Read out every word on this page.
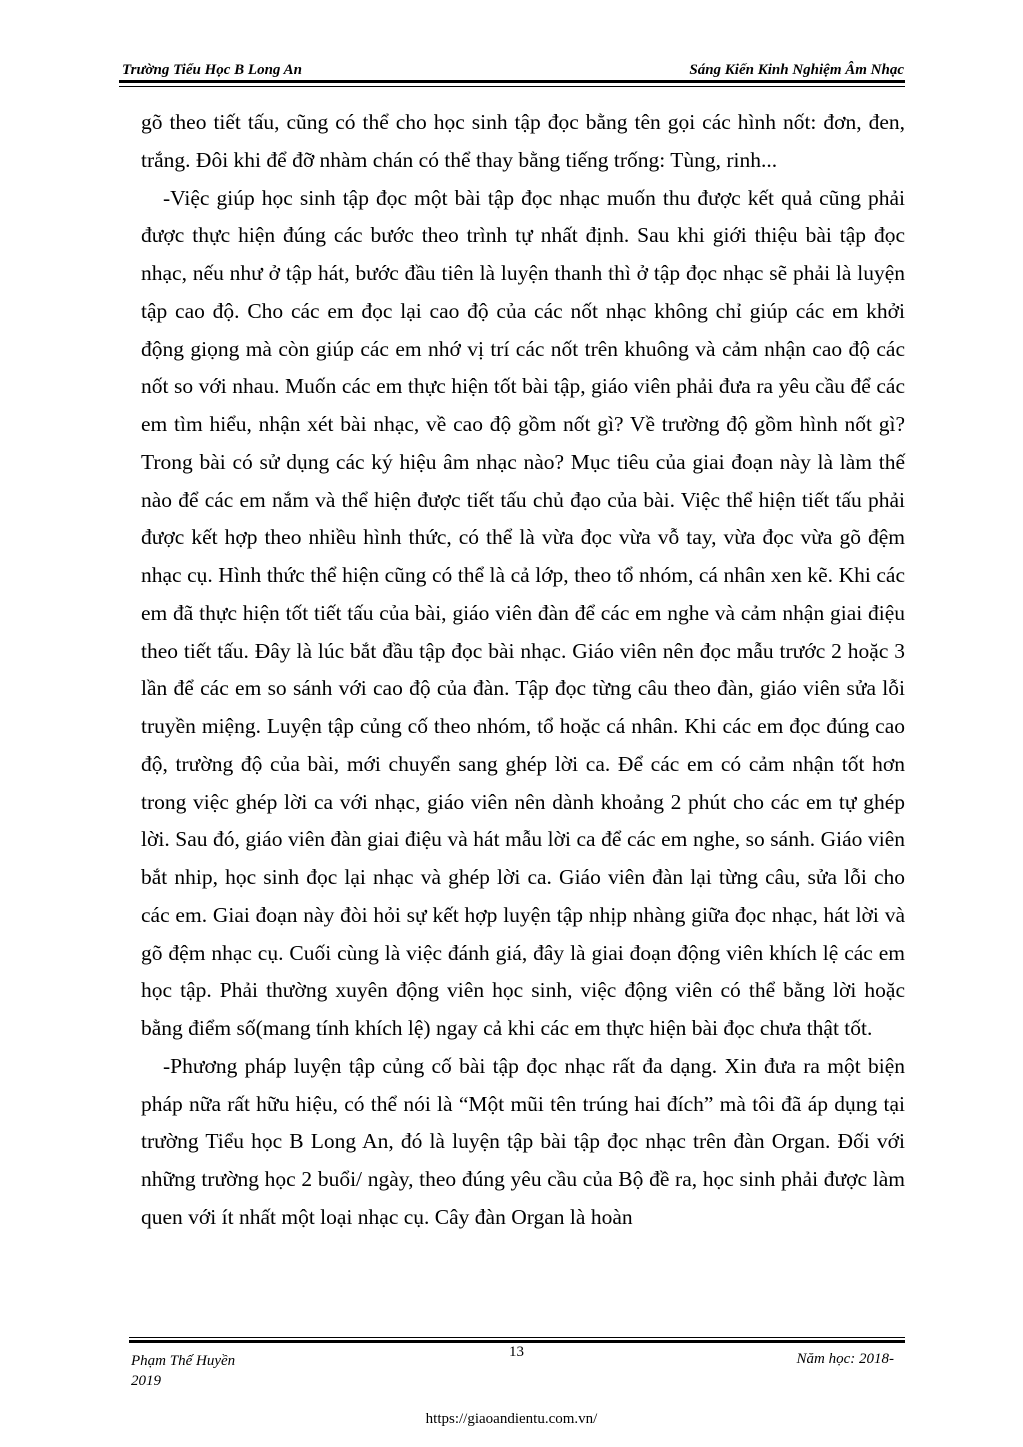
Trường Tiểu Học B Long An	Sáng Kiến Kinh Nghiệm Âm Nhạc

gõ theo tiết tấu, cũng có thể cho học sinh tập đọc bằng tên gọi các hình nốt: đơn, đen, trắng. Đôi khi để đỡ nhàm chán có thể thay bằng tiếng trống: Tùng, rinh...

-Việc giúp học sinh tập đọc một bài tập đọc nhạc muốn thu được kết quả cũng phải được thực hiện đúng các bước theo trình tự nhất định. Sau khi giới thiệu bài tập đọc nhạc, nếu như ở tập hát, bước đầu tiên là luyện thanh thì ở tập đọc nhạc sẽ phải là luyện tập cao độ. Cho các em đọc lại cao độ của các nốt nhạc không chỉ giúp các em khởi động giọng mà còn giúp các em nhớ vị trí các nốt trên khuông và cảm nhận cao độ các nốt so với nhau. Muốn các em thực hiện tốt bài tập, giáo viên phải đưa ra yêu cầu để các em tìm hiểu, nhận xét bài nhạc, về cao độ gồm nốt gì? Về trường độ gồm hình nốt gì? Trong bài có sử dụng các ký hiệu âm nhạc nào? Mục tiêu của giai đoạn này là làm thế nào để các em nắm và thể hiện được tiết tấu chủ đạo của bài. Việc thể hiện tiết tấu phải được kết hợp theo nhiều hình thức, có thể là vừa đọc vừa vỗ tay, vừa đọc vừa gõ đệm nhạc cụ. Hình thức thể hiện cũng có thể là cả lớp, theo tổ nhóm, cá nhân xen kẽ. Khi các em đã thực hiện tốt tiết tấu của bài, giáo viên đàn để các em nghe và cảm nhận giai điệu theo tiết tấu. Đây là lúc bắt đầu tập đọc bài nhạc. Giáo viên nên đọc mẫu trước 2 hoặc 3 lần để các em so sánh với cao độ của đàn. Tập đọc từng câu theo đàn, giáo viên sửa lỗi truyền miệng. Luyện tập củng cố theo nhóm, tổ hoặc cá nhân. Khi các em đọc đúng cao độ, trường độ của bài, mới chuyển sang ghép lời ca. Để các em có cảm nhận tốt hơn trong việc ghép lời ca với nhạc, giáo viên nên dành khoảng 2 phút cho các em tự ghép lời. Sau đó, giáo viên đàn giai điệu và hát mẫu lời ca để các em nghe, so sánh. Giáo viên bắt nhip, học sinh đọc lại nhạc và ghép lời ca. Giáo viên đàn lại từng câu, sửa lỗi cho các em. Giai đoạn này đòi hỏi sự kết hợp luyện tập nhịp nhàng giữa đọc nhạc, hát lời và gõ đệm nhạc cụ. Cuối cùng là việc đánh giá, đây là giai đoạn động viên khích lệ các em học tập. Phải thường xuyên động viên học sinh, việc động viên có thể bằng lời hoặc bằng điểm số(mang tính khích lệ) ngay cả khi các em thực hiện bài đọc chưa thật tốt.

-Phương pháp luyện tập củng cố bài tập đọc nhạc rất đa dạng. Xin đưa ra một biện pháp nữa rất hữu hiệu, có thể nói là “Một mũi tên trúng hai đích” mà tôi đã áp dụng tại trường Tiểu học B Long An, đó là luyện tập bài tập đọc nhạc trên đàn Organ. Đối với những trường học 2 buổi/ ngày, theo đúng yêu cầu của Bộ đề ra, học sinh phải được làm quen với ít nhất một loại nhạc cụ. Cây đàn Organ là hoàn

Phạm Thế Huyền
2019
13	Năm học: 2018-
https://giaoandientu.com.vn/
